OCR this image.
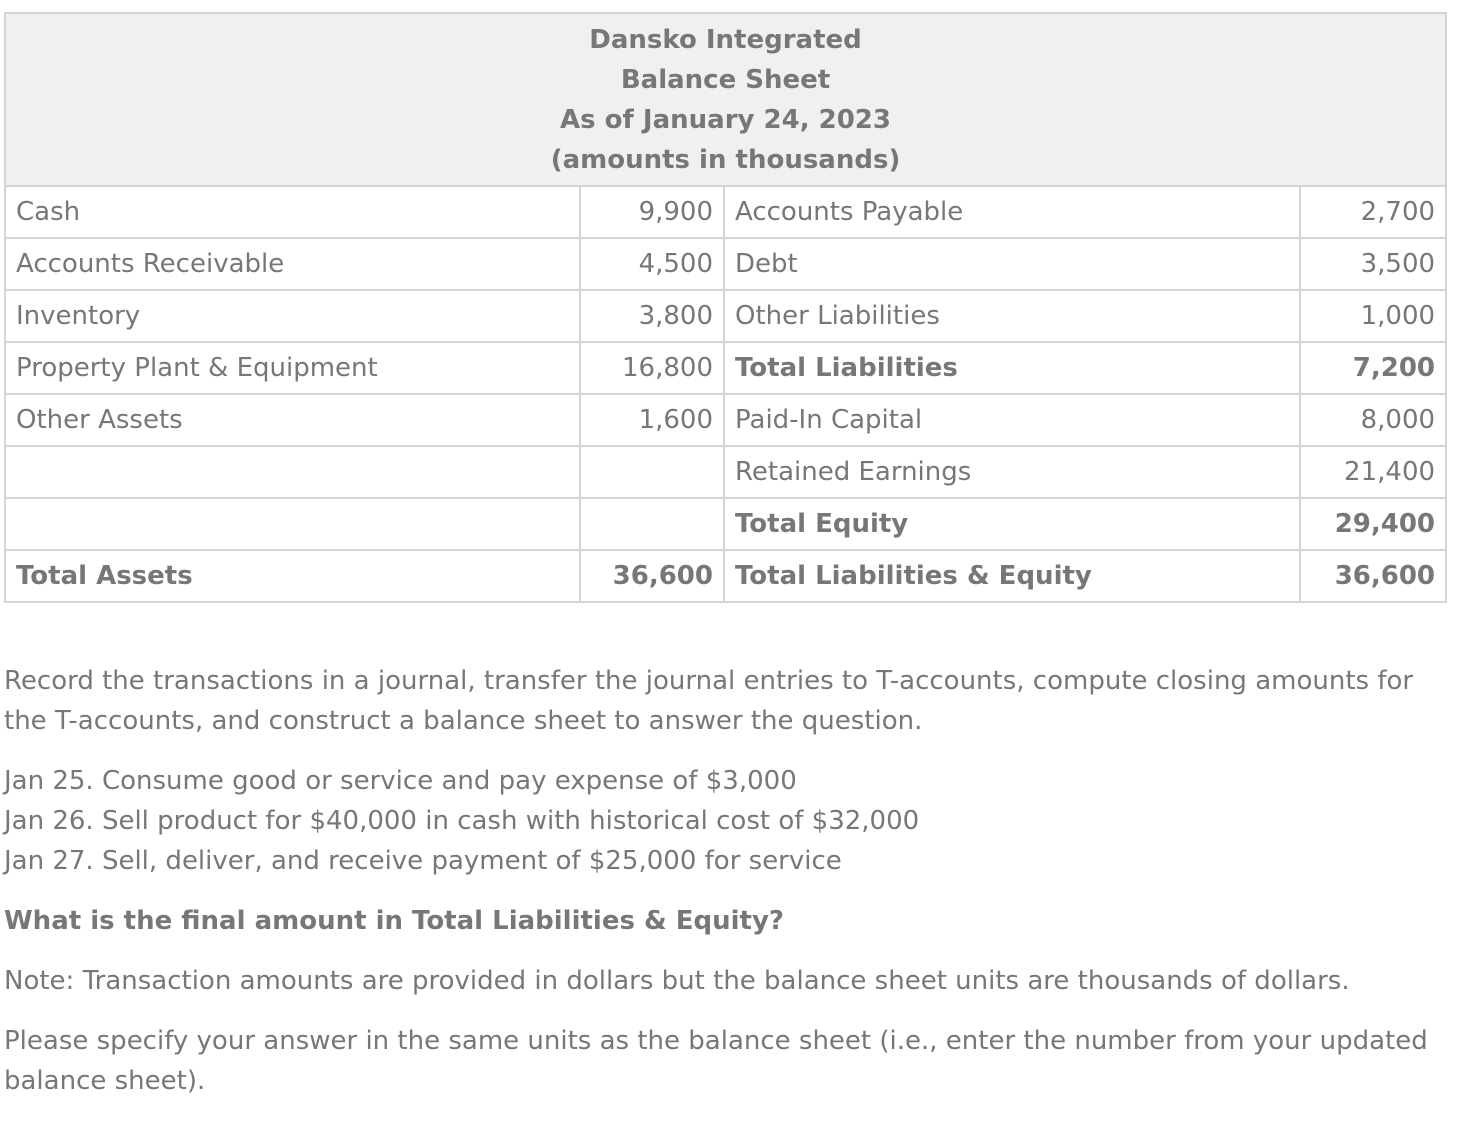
Dansko Integrated
Balance Sheet
As of January 24, 2023
(amounts in thousands)			

Cash	9,900	Accounts Payable	2,700
Accounts Receivable	4,500	Debt	3,500
Inventory	3,800	Other Liabilities	1,000
Property Plant & Equipment	16,800	Total Liabilities	7,200
Other Assets	1,600	Paid-In Capital	8,000
		Retained Earnings	21,400
		Total Equity	29,400
Total Assets	36,600	Total Liabilities & Equity	36,600
Record the transactions in a journal, transfer the journal entries to T-accounts, compute closing amounts for the T-accounts, and construct a balance sheet to answer the question.
Jan 25. Consume good or service and pay expense of $3,000
Jan 26. Sell product for $40,000 in cash with historical cost of $32,000
Jan 27. Sell, deliver, and receive payment of $25,000 for service
What is the final amount in Total Liabilities & Equity?
Note: Transaction amounts are provided in dollars but the balance sheet units are thousands of dollars.
Please specify your answer in the same units as the balance sheet (i.e., enter the number from your updated balance sheet).
